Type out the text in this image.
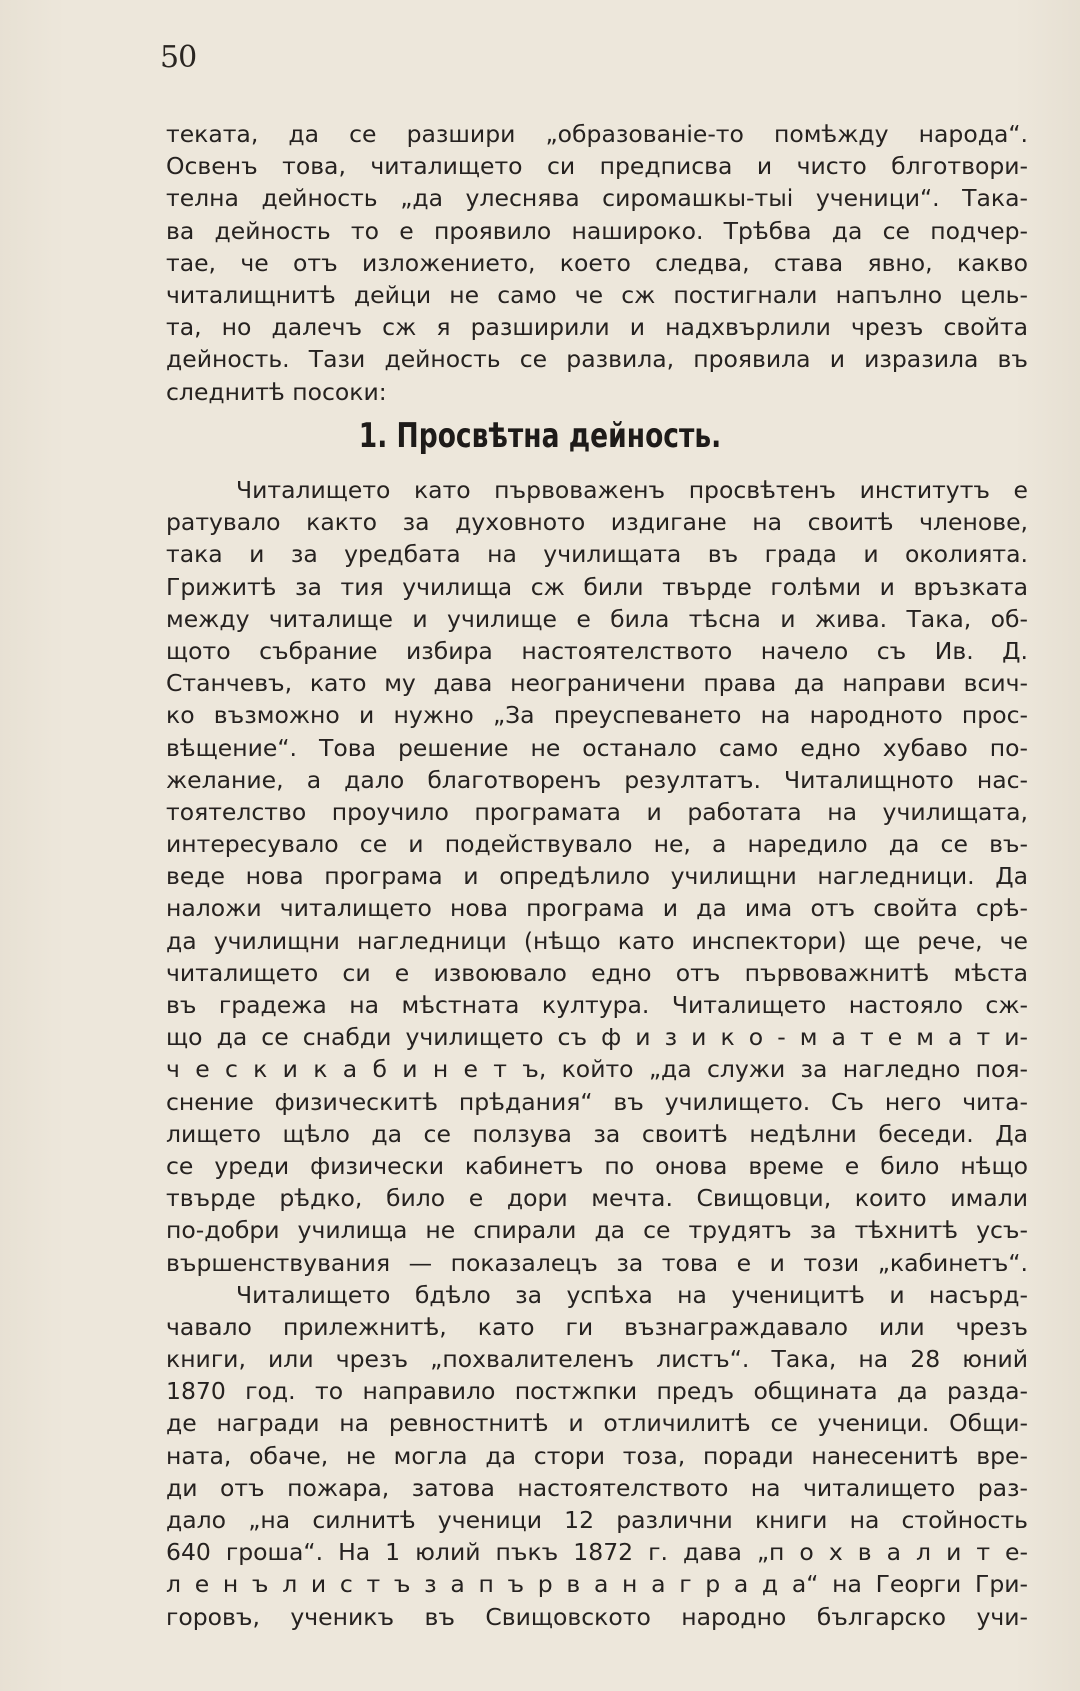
50
теката, да се разшири „образованie-то помѣжду народа“.
Освенъ това, читалището си предписва и чисто блготвори-
телна дейность „да улеснява сиромашкы-тыі ученици“. Така-
ва дейность то е проявило нашироко. Трѣбва да се подчер-
тае, че отъ изложението, което следва, става явно, какво
читалищнитѣ дейци не само че сж постигнали напълно цель-
та, но далечъ сж я разширили и надхвърлили чрезъ свойта
дейность. Тази дейность се развила, проявила и изразила въ
следнитѣ посоки:
1. Просвѣтна дейность.
Читалището като първоваженъ просвѣтенъ институтъ е
ратувало както за духовното издигане на своитѣ членове,
така и за уредбата на училищата въ града и околията.
Грижитѣ за тия училища сж били твърде голѣми и връзката
между читалище и училище е била тѣсна и жива. Така, об-
щото събрание избира настоятелството начело съ Ив. Д.
Станчевъ, като му дава неограничени права да направи всич-
ко възможно и нужно „За преуспеването на народното прос-
вѣщение“. Това решение не останало само едно хубаво по-
желание, а дало благотворенъ резултатъ. Читалищното нас-
тоятелство проучило програмата и работата на училищата,
интересувало се и подействувало не, а наредило да се въ-
веде нова програма и опредѣлило училищни нагледници. Да
наложи читалището нова програма и да има отъ свойта срѣ-
да училищни нагледници (нѣщо като инспектори) ще рече, че
читалището си е извоювало едно отъ първоважнитѣ мѣста
въ градежа на мѣстната култура. Читалището настояло сж-
що да се снабди училището съ ф и з и к о - м а т е м а т и-
ч е с к и к а б и н е т ъ, който „да служи за нагледно поя-
снение физическитѣ прѣдания“ въ училището. Съ него чита-
лището щѣло да се ползува за своитѣ недѣлни беседи. Да
се уреди физически кабинетъ по онова време е било нѣщо
твърде рѣдко, било е дори мечта. Свищовци, които имали
по-добри училища не спирали да се трудятъ за тѣхнитѣ усъ-
вършенствувания — показалецъ за това е и този „кабинетъ“.
Читалището бдѣло за успѣха на ученицитѣ и насърд-
чавало прилежнитѣ, като ги възнаграждавало или чрезъ
книги, или чрезъ „похвалителенъ листъ“. Така, на 28 юний
1870 год. то направило постжпки предъ общината да разда-
де награди на ревностнитѣ и отличилитѣ се ученици. Общи-
ната, обаче, не могла да стори тоза, поради нанесенитѣ вре-
ди отъ пожара, затова настоятелството на читалището раз-
дало „на силнитѣ ученици 12 различни книги на стойность
640 гроша“. На 1 юлий пъкъ 1872 г. дава „п о х в а л и т е-
л е н ъ л и с т ъ з а п ъ р в а н а г р а д а“ на Георги Гри-
горовъ, ученикъ въ Свищовското народно българско учи-
